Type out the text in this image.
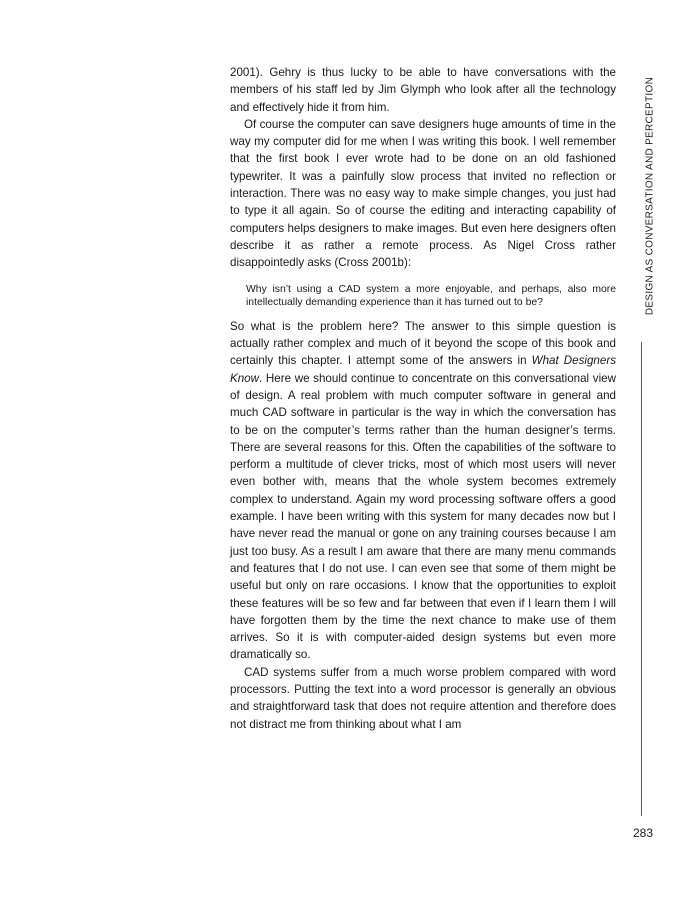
2001). Gehry is thus lucky to be able to have conversations with the members of his staff led by Jim Glymph who look after all the technology and effectively hide it from him.

Of course the computer can save designers huge amounts of time in the way my computer did for me when I was writing this book. I well remember that the first book I ever wrote had to be done on an old fashioned typewriter. It was a painfully slow process that invited no reflection or interaction. There was no easy way to make simple changes, you just had to type it all again. So of course the editing and interacting capability of computers helps designers to make images. But even here designers often describe it as rather a remote process. As Nigel Cross rather disappointedly asks (Cross 2001b):

Why isn’t using a CAD system a more enjoyable, and perhaps, also more intellectually demanding experience than it has turned out to be?

So what is the problem here? The answer to this simple question is actually rather complex and much of it beyond the scope of this book and certainly this chapter. I attempt some of the answers in What Designers Know. Here we should continue to concentrate on this conversational view of design. A real problem with much computer software in general and much CAD software in particular is the way in which the conversation has to be on the computer’s terms rather than the human designer’s terms. There are several reasons for this. Often the capabilities of the software to perform a multitude of clever tricks, most of which most users will never even bother with, means that the whole system becomes extremely complex to understand. Again my word processing software offers a good example. I have been writing with this system for many decades now but I have never read the manual or gone on any training courses because I am just too busy. As a result I am aware that there are many menu commands and features that I do not use. I can even see that some of them might be useful but only on rare occasions. I know that the opportunities to exploit these features will be so few and far between that even if I learn them I will have forgotten them by the time the next chance to make use of them arrives. So it is with computer-aided design systems but even more dramatically so.

CAD systems suffer from a much worse problem compared with word processors. Putting the text into a word processor is generally an obvious and straightforward task that does not require attention and therefore does not distract me from thinking about what I am

DESIGN AS CONVERSATION AND PERCEPTION
283
